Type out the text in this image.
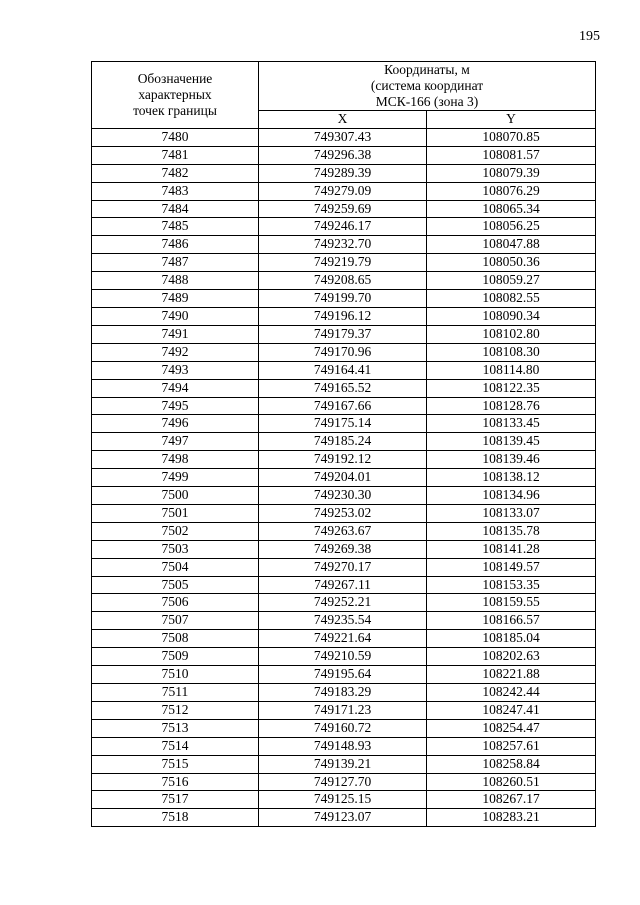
195
Обозначение
характерных
точек границы	Координаты, м
(система координат
МСК-166 (зона 3)	

	X	Y
7480	749307.43	108070.85
7481	749296.38	108081.57
7482	749289.39	108079.39
7483	749279.09	108076.29
7484	749259.69	108065.34
7485	749246.17	108056.25
7486	749232.70	108047.88
7487	749219.79	108050.36
7488	749208.65	108059.27
7489	749199.70	108082.55
7490	749196.12	108090.34
7491	749179.37	108102.80
7492	749170.96	108108.30
7493	749164.41	108114.80
7494	749165.52	108122.35
7495	749167.66	108128.76
7496	749175.14	108133.45
7497	749185.24	108139.45
7498	749192.12	108139.46
7499	749204.01	108138.12
7500	749230.30	108134.96
7501	749253.02	108133.07
7502	749263.67	108135.78
7503	749269.38	108141.28
7504	749270.17	108149.57
7505	749267.11	108153.35
7506	749252.21	108159.55
7507	749235.54	108166.57
7508	749221.64	108185.04
7509	749210.59	108202.63
7510	749195.64	108221.88
7511	749183.29	108242.44
7512	749171.23	108247.41
7513	749160.72	108254.47
7514	749148.93	108257.61
7515	749139.21	108258.84
7516	749127.70	108260.51
7517	749125.15	108267.17
7518	749123.07	108283.21
